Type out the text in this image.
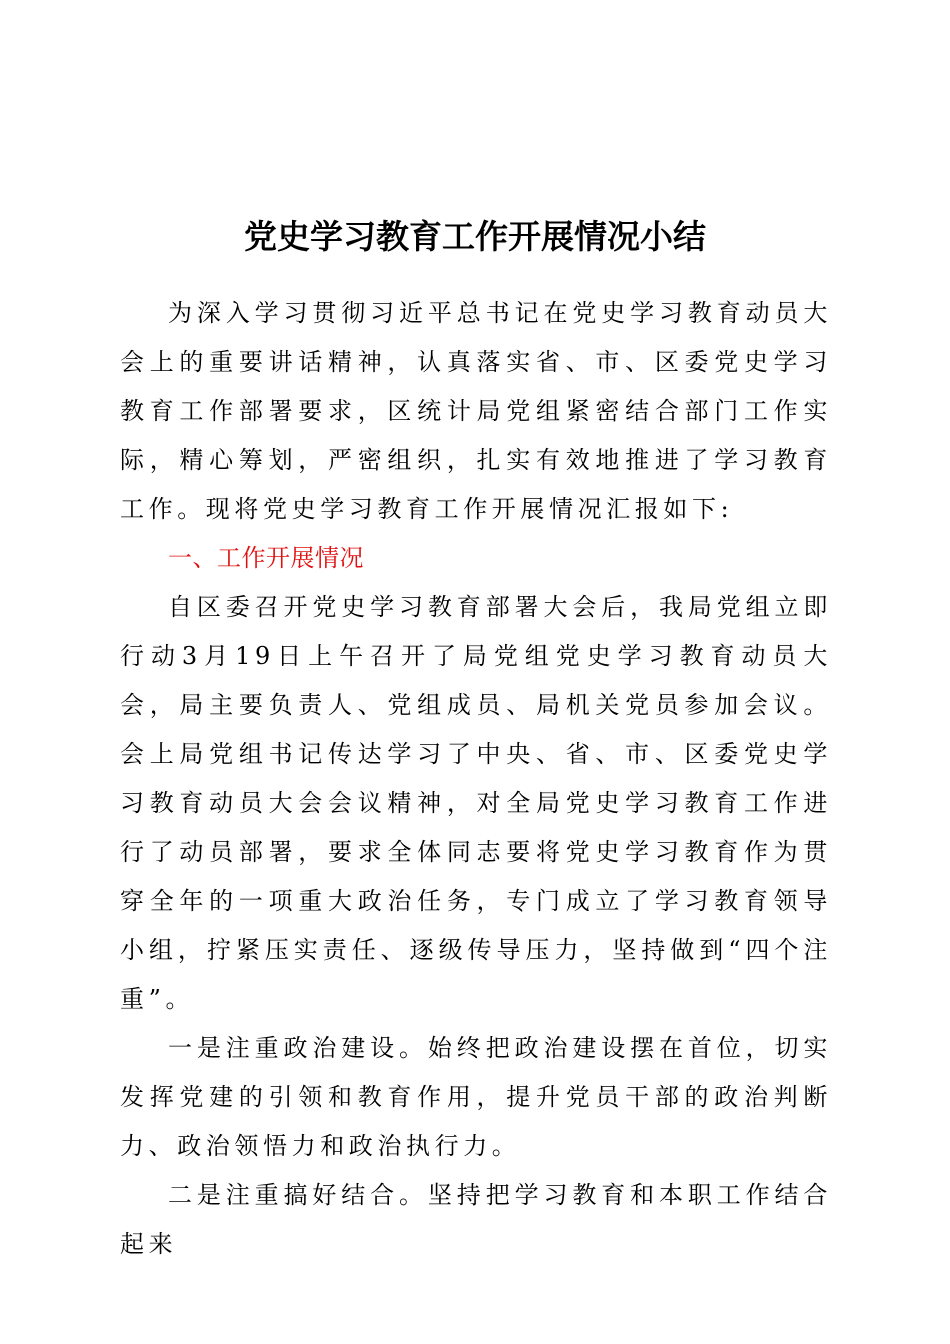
党史学习教育工作开展情况小结

为深入学习贯彻习近平总书记在党史学习教育动员大会上的重要讲话精神，认真落实省、市、区委党史学习教育工作部署要求，区统计局党组紧密结合部门工作实际，精心筹划，严密组织，扎实有效地推进了学习教育工作。现将党史学习教育工作开展情况汇报如下:

一、工作开展情况

自区委召开党史学习教育部署大会后，我局党组立即行动3月19日上午召开了局党组党史学习教育动员大会，局主要负责人、党组成员、局机关党员参加会议。会上局党组书记传达学习了中央、省、市、区委党史学习教育动员大会会议精神，对全局党史学习教育工作进行了动员部署，要求全体同志要将党史学习教育作为贯穿全年的一项重大政治任务，专门成立了学习教育领导小组，拧紧压实责任、逐级传导压力，坚持做到“四个注重”。

一是注重政治建设。始终把政治建设摆在首位，切实发挥党建的引领和教育作用，提升党员干部的政治判断力、政治领悟力和政治执行力。

二是注重搞好结合。坚持把学习教育和本职工作结合起来
